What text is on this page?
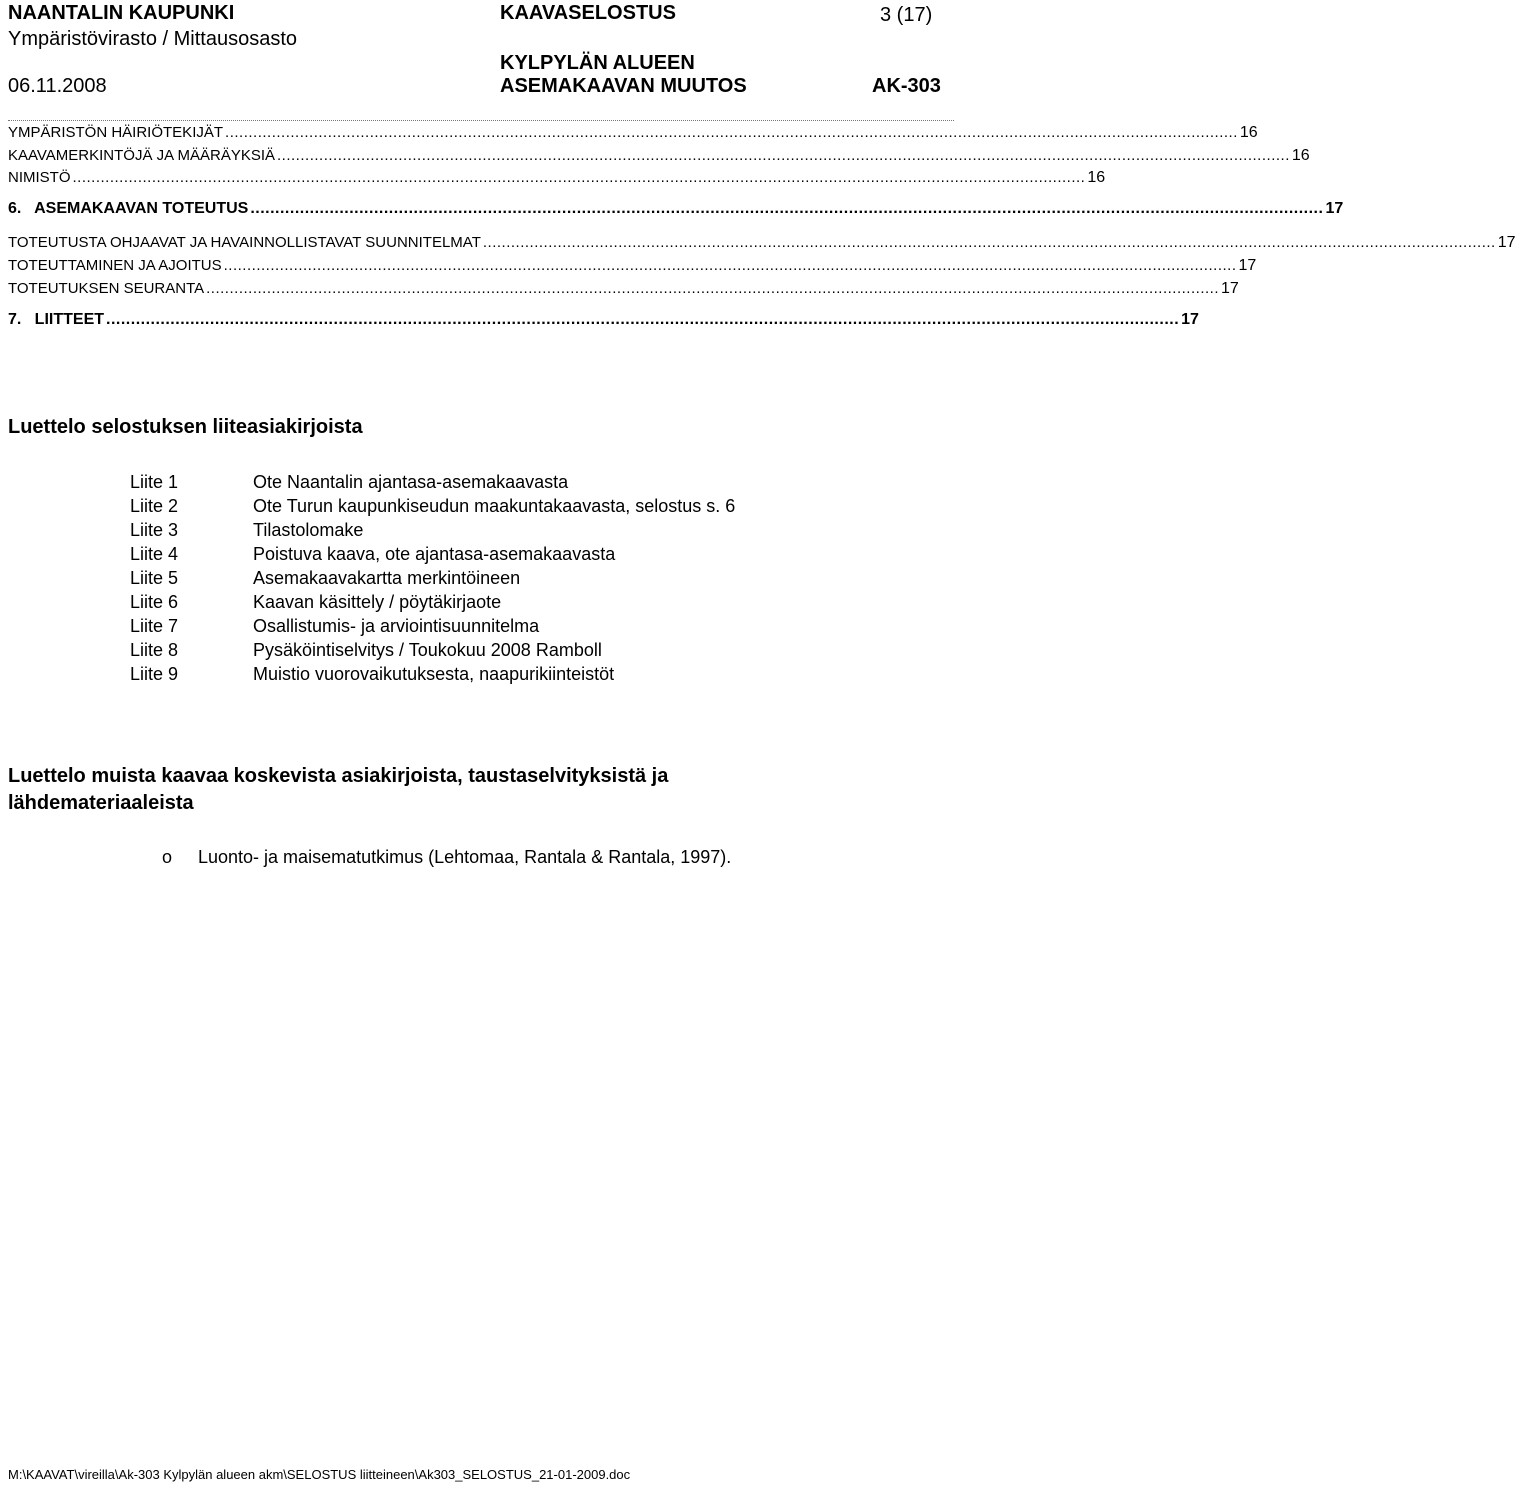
NAANTALIN KAUPUNKI
Ympäristövirasto / Mittausosasto
06.11.2008
KAAVASELOSTUS	3 (17)
KYLPYLÄN ALUEEN
ASEMAKAAVAN MUUTOS	AK-303
YMPÄRISTÖN HÄIRIÖTEKIJÄT ......................................................................................................................................................................................................................... 16
KAAVAMERKINTÖJÄ JA MÄÄRÄYKSIÄ ......................................................................................................................................................................................................................... 16
NIMISTÖ ......................................................................................................................................................................................................................... 16
6.   ASEMAKAAVAN TOTEUTUS ......................................................................................................................................................................................................................... 17
TOTEUTUSTA OHJAAVAT JA HAVAINNOLLISTAVAT SUUNNITELMAT ......................................................................................................................................................................................................................... 17
TOTEUTTAMINEN JA AJOITUS ......................................................................................................................................................................................................................... 17
TOTEUTUKSEN SEURANTA ......................................................................................................................................................................................................................... 17
7.   LIITTEET ......................................................................................................................................................................................................................... 17
Luettelo selostuksen liiteasiakirjoista
Liite 1	Ote Naantalin ajantasa-asemakaavasta
Liite 2	Ote Turun kaupunkiseudun maakuntakaavasta, selostus s. 6
Liite 3	Tilastolomake
Liite 4	Poistuva kaava, ote ajantasa-asemakaavasta
Liite 5	Asemakaavakartta merkintöineen
Liite 6	Kaavan käsittely / pöytäkirjaote
Liite 7	Osallistumis- ja arviointisuunnitelma
Liite 8	Pysäköintiselvitys / Toukokuu 2008 Ramboll
Liite 9	Muistio vuorovaikutuksesta, naapurikiinteistöt
Luettelo muista kaavaa koskevista asiakirjoista, taustaselvityksistä ja
lähdemateriaaleista
o Luonto- ja maisematutkimus (Lehtomaa, Rantala & Rantala, 1997).
M:\KAAVAT\vireilla\Ak-303 Kylpylän alueen akm\SELOSTUS liitteineen\Ak303_SELOSTUS_21-01-2009.doc
